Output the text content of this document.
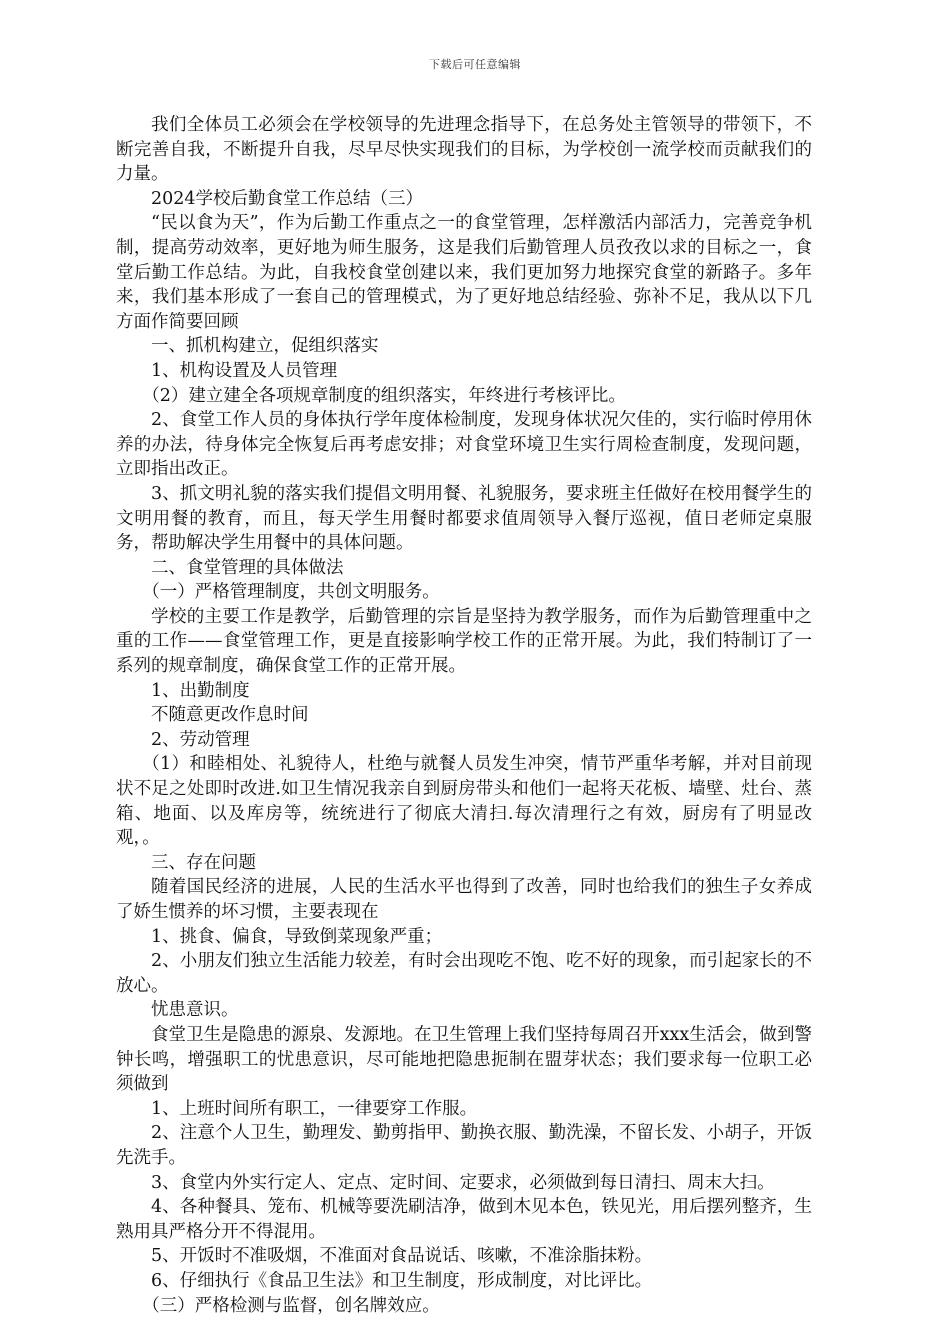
下载后可任意编辑

我们全体员工必须会在学校领导的先进理念指导下，在总务处主管领导的带领下，不断完善自我，不断提升自我，尽早尽快实现我们的目标，为学校创一流学校而贡献我们的力量。

2024学校后勤食堂工作总结（三）

“民以食为天”，作为后勤工作重点之一的食堂管理，怎样激活内部活力，完善竞争机制，提高劳动效率，更好地为师生服务，这是我们后勤管理人员孜孜以求的目标之一，食堂后勤工作总结。为此，自我校食堂创建以来，我们更加努力地探究食堂的新路子。多年来，我们基本形成了一套自己的管理模式，为了更好地总结经验、弥补不足，我从以下几方面作简要回顾

一、抓机构建立，促组织落实

1、机构设置及人员管理

（2）建立建全各项规章制度的组织落实，年终进行考核评比。

2、食堂工作人员的身体执行学年度体检制度，发现身体状况欠佳的，实行临时停用休养的办法，待身体完全恢复后再考虑安排；对食堂环境卫生实行周检查制度，发现问题，立即指出改正。

3、抓文明礼貌的落实我们提倡文明用餐、礼貌服务，要求班主任做好在校用餐学生的文明用餐的教育，而且，每天学生用餐时都要求值周领导入餐厅巡视，值日老师定桌服务，帮助解决学生用餐中的具体问题。

二、食堂管理的具体做法

（一）严格管理制度，共创文明服务。

学校的主要工作是教学，后勤管理的宗旨是坚持为教学服务，而作为后勤管理重中之重的工作——食堂管理工作，更是直接影响学校工作的正常开展。为此，我们特制订了一系列的规章制度，确保食堂工作的正常开展。

1、出勤制度

不随意更改作息时间

2、劳动管理

（1）和睦相处、礼貌待人，杜绝与就餐人员发生冲突，情节严重华考解，并对目前现状不足之处即时改进.如卫生情况我亲自到厨房带头和他们一起将天花板、墙壁、灶台、蒸箱、地面、以及库房等，统统进行了彻底大清扫.每次清理行之有效，厨房有了明显改观，。

三、存在问题

随着国民经济的进展，人民的生活水平也得到了改善，同时也给我们的独生子女养成了娇生惯养的坏习惯，主要表现在

1、挑食、偏食，导致倒菜现象严重；

2、小朋友们独立生活能力较差，有时会出现吃不饱、吃不好的现象，而引起家长的不放心。

忧患意识。

食堂卫生是隐患的源泉、发源地。在卫生管理上我们坚持每周召开xxx生活会，做到警钟长鸣，增强职工的忧患意识，尽可能地把隐患扼制在盟芽状态；我们要求每一位职工必须做到

1、上班时间所有职工，一律要穿工作服。

2、注意个人卫生，勤理发、勤剪指甲、勤换衣服、勤洗澡，不留长发、小胡子，开饭先洗手。

3、食堂内外实行定人、定点、定时间、定要求，必须做到每日清扫、周末大扫。

4、各种餐具、笼布、机械等要洗刷洁净，做到木见本色，铁见光，用后摆列整齐，生熟用具严格分开不得混用。

5、开饭时不准吸烟，不准面对食品说话、咳嗽，不准涂脂抹粉。

6、仔细执行《食品卫生法》和卫生制度，形成制度，对比评比。

（三）严格检测与监督，创名牌效应。
